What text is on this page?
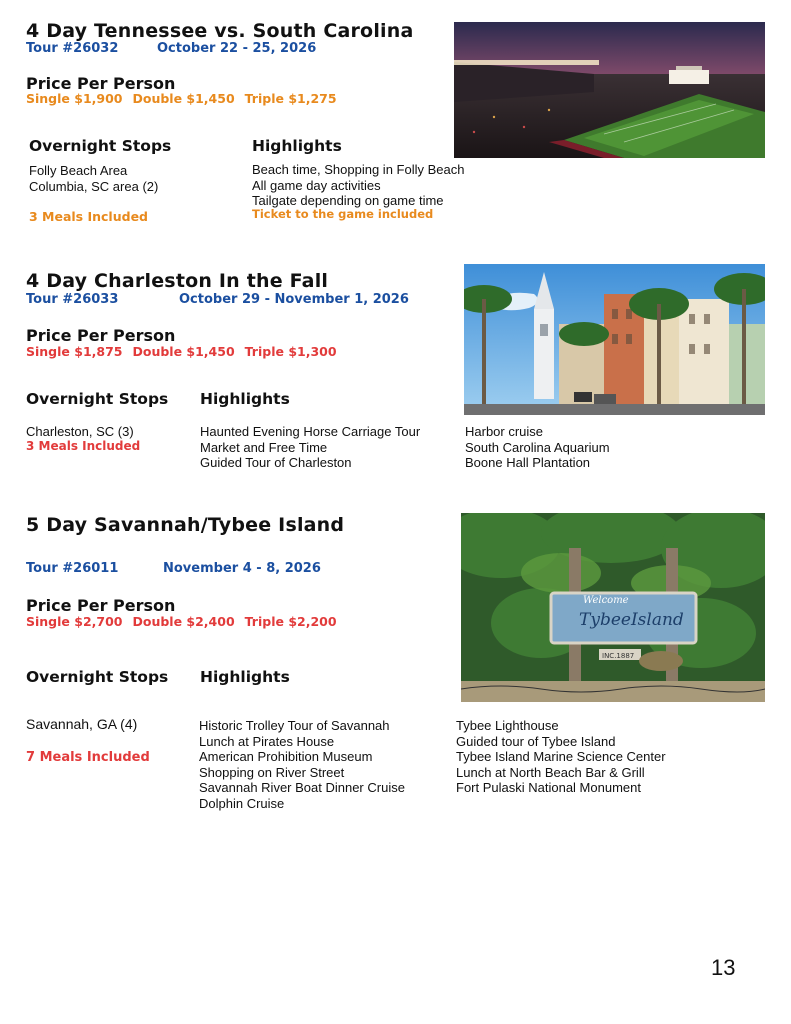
4 Day Tennessee vs. South Carolina
Tour #26032	October 22 - 25, 2026
Price Per Person
Single $1,900 Double $1,450 Triple $1,275
Overnight Stops
Folly Beach Area
Columbia, SC area (2)
3 Meals Included
Highlights
Beach time, Shopping in Folly Beach
All game day activities
Tailgate depending on game time
Ticket to the game included
4 Day Charleston In the Fall
Tour #26033	October 29 - November 1, 2026
Price Per Person
Single $1,875 Double $1,450 Triple $1,300
Overnight Stops
Charleston, SC (3)
3 Meals Included
Highlights
Haunted Evening Horse Carriage Tour
Market and Free Time
Guided Tour of Charleston
Harbor cruise
South Carolina Aquarium
Boone Hall Plantation
5 Day Savannah/Tybee Island
Tour #26011	November 4 - 8, 2026
Price Per Person
Single $2,700 Double $2,400 Triple $2,200
Overnight Stops
Savannah, GA (4)
7 Meals Included
Highlights
Historic Trolley Tour of Savannah
Lunch at Pirates House
American Prohibition Museum
Shopping on River Street
Savannah River Boat Dinner Cruise
Dolphin Cruise
Tybee Lighthouse
Guided tour of Tybee Island
Tybee Island Marine Science Center
Lunch at North Beach Bar & Grill
Fort Pulaski National Monument
Welcome
TybeeIsland
INC.1887
13
